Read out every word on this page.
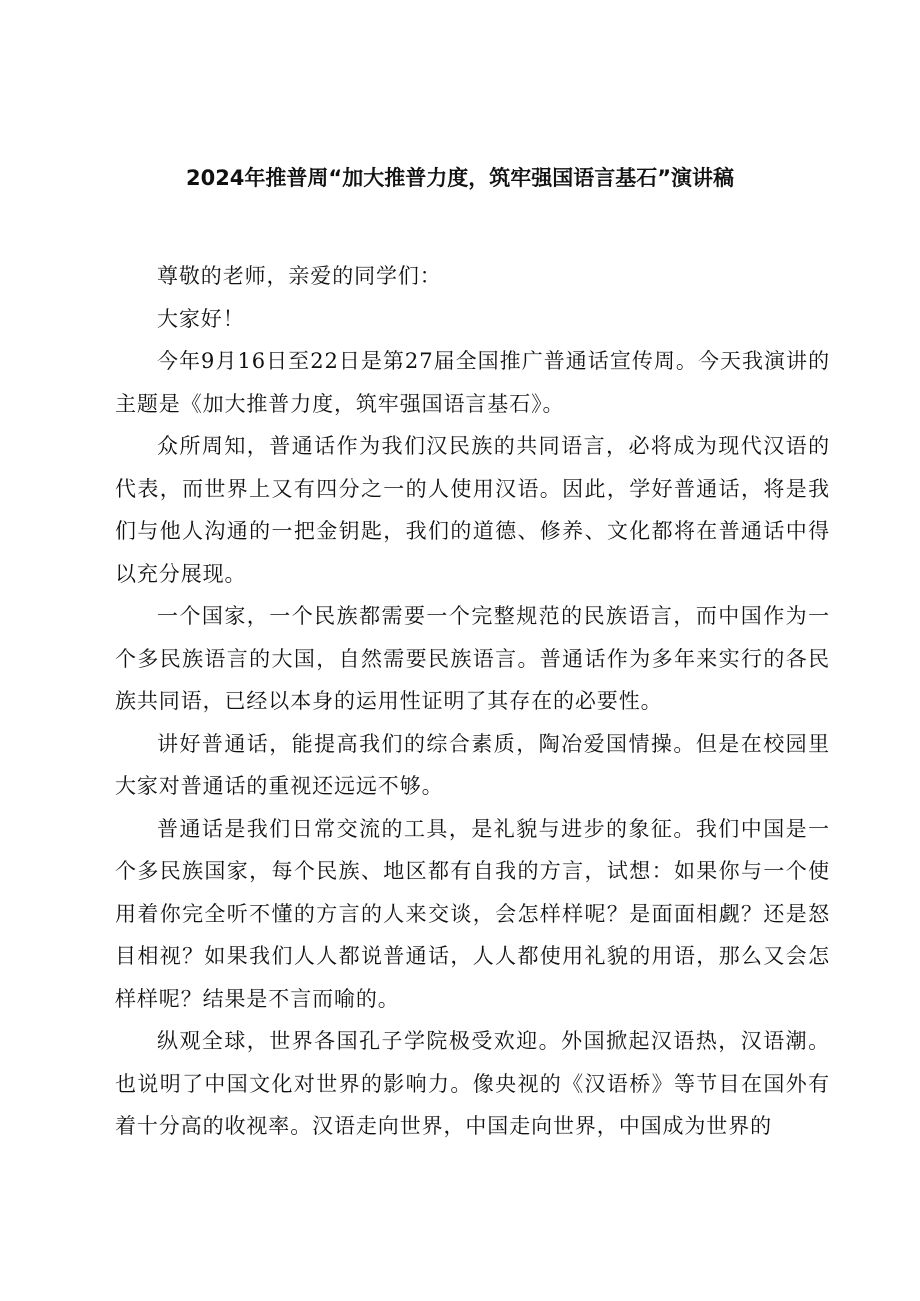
2024年推普周“加大推普力度，筑牢强国语言基石”演讲稿

尊敬的老师，亲爱的同学们：

大家好！

今年9月16日至22日是第27届全国推广普通话宣传周。今天我演讲的主题是《加大推普力度，筑牢强国语言基石》。

众所周知，普通话作为我们汉民族的共同语言，必将成为现代汉语的代表，而世界上又有四分之一的人使用汉语。因此，学好普通话，将是我们与他人沟通的一把金钥匙，我们的道德、修养、文化都将在普通话中得以充分展现。

一个国家，一个民族都需要一个完整规范的民族语言，而中国作为一个多民族语言的大国，自然需要民族语言。普通话作为多年来实行的各民族共同语，已经以本身的运用性证明了其存在的必要性。

讲好普通话，能提高我们的综合素质，陶冶爱国情操。但是在校园里大家对普通话的重视还远远不够。

普通话是我们日常交流的工具，是礼貌与进步的象征。我们中国是一个多民族国家，每个民族、地区都有自我的方言，试想：如果你与一个使用着你完全听不懂的方言的人来交谈，会怎样样呢？是面面相觑？还是怒目相视？如果我们人人都说普通话，人人都使用礼貌的用语，那么又会怎样样呢？结果是不言而喻的。

纵观全球，世界各国孔子学院极受欢迎。外国掀起汉语热，汉语潮。也说明了中国文化对世界的影响力。像央视的《汉语桥》等节目在国外有着十分高的收视率。汉语走向世界，中国走向世界，中国成为世界的
